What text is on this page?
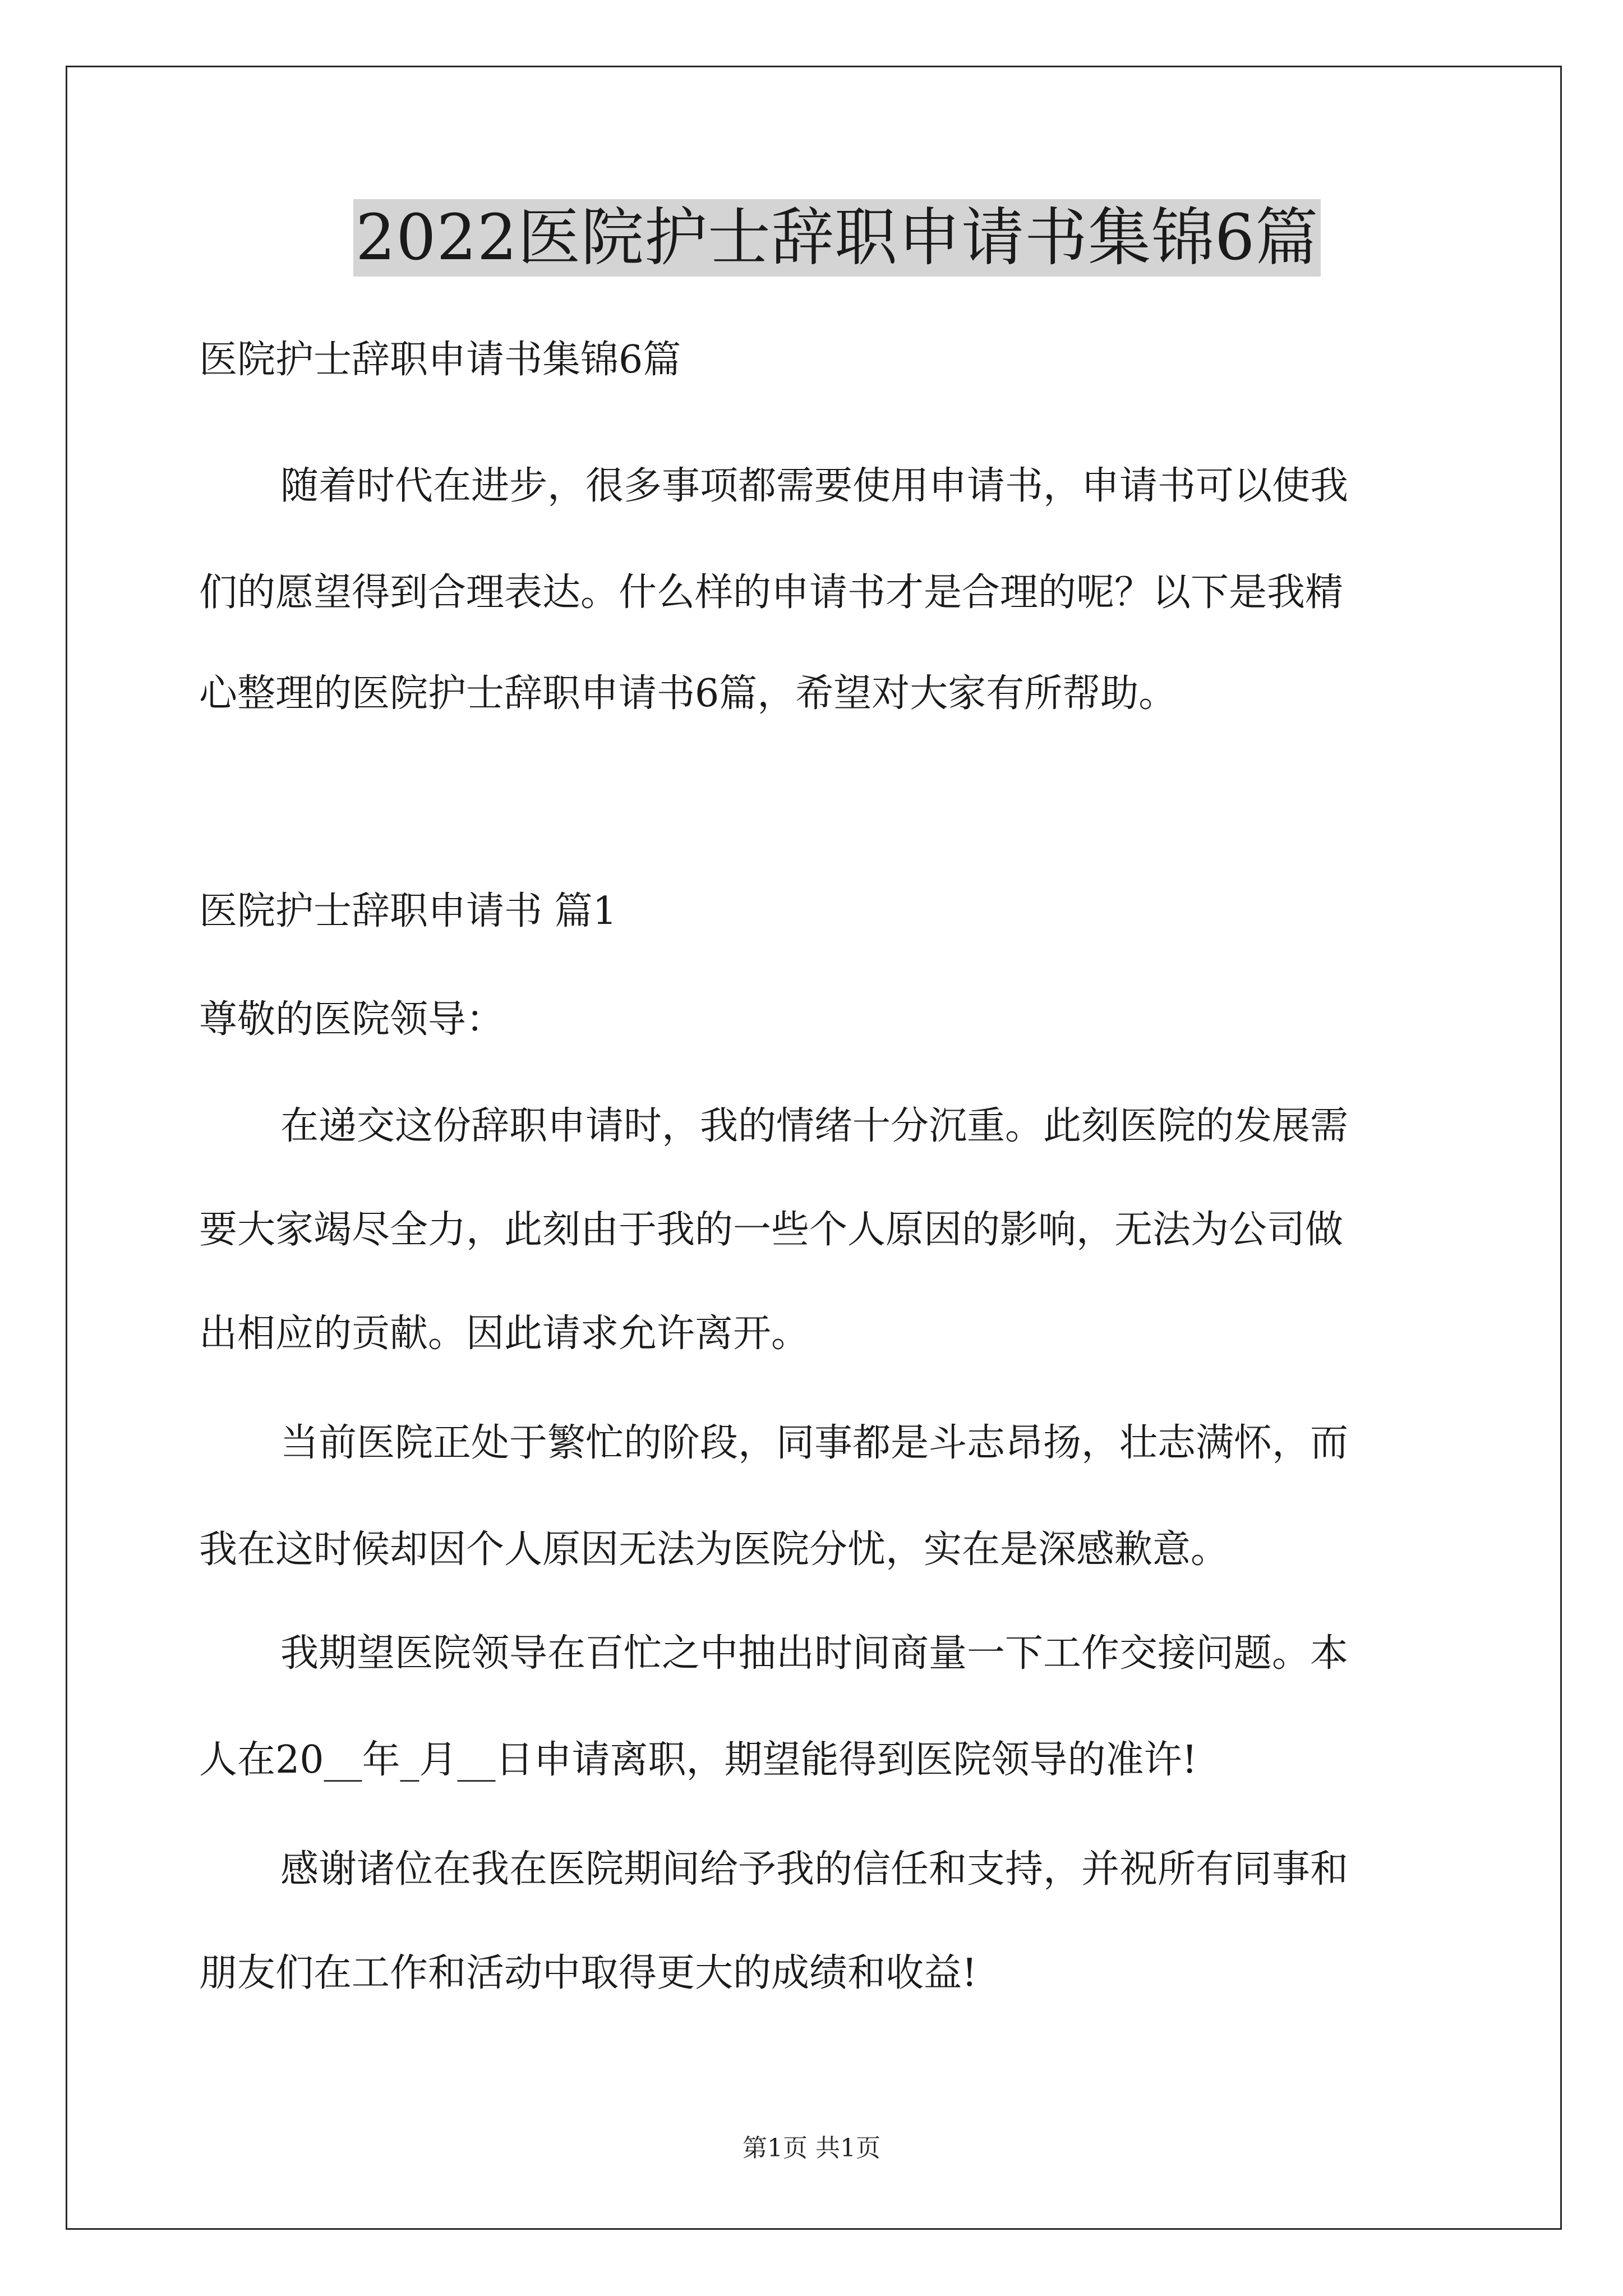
2022医院护士辞职申请书集锦6篇

医院护士辞职申请书集锦6篇

随着时代在进步，很多事项都需要使用申请书，申请书可以使我

们的愿望得到合理表达。什么样的申请书才是合理的呢？以下是我精

心整理的医院护士辞职申请书6篇，希望对大家有所帮助。

医院护士辞职申请书 篇1

尊敬的医院领导：

在递交这份辞职申请时，我的情绪十分沉重。此刻医院的发展需

要大家竭尽全力，此刻由于我的一些个人原因的影响，无法为公司做

出相应的贡献。因此请求允许离开。

当前医院正处于繁忙的阶段，同事都是斗志昂扬，壮志满怀，而

我在这时候却因个人原因无法为医院分忧，实在是深感歉意。

我期望医院领导在百忙之中抽出时间商量一下工作交接问题。本

人在20__年_月__日申请离职，期望能得到医院领导的准许!

感谢诸位在我在医院期间给予我的信任和支持，并祝所有同事和

朋友们在工作和活动中取得更大的成绩和收益!

第1页 共1页
